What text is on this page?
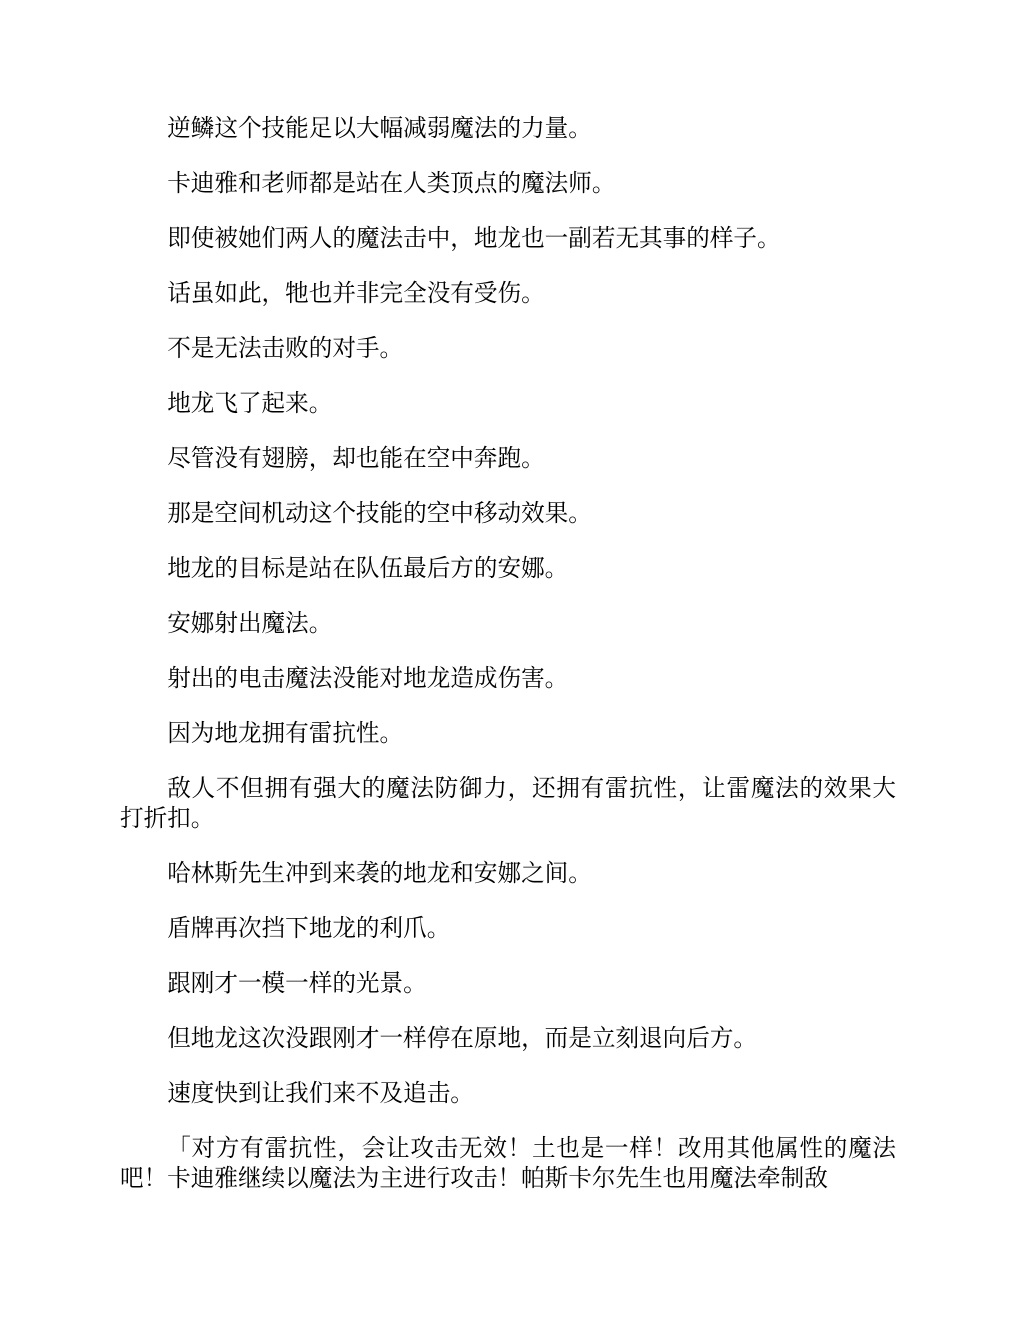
逆鳞这个技能足以大幅减弱魔法的力量。

卡迪雅和老师都是站在人类顶点的魔法师。

即使被她们两人的魔法击中，地龙也一副若无其事的样子。

话虽如此，牠也并非完全没有受伤。

不是无法击败的对手。

地龙飞了起来。

尽管没有翅膀，却也能在空中奔跑。

那是空间机动这个技能的空中移动效果。

地龙的目标是站在队伍最后方的安娜。

安娜射出魔法。

射出的电击魔法没能对地龙造成伤害。

因为地龙拥有雷抗性。

敌人不但拥有强大的魔法防御力，还拥有雷抗性，让雷魔法的效果大打折扣。

哈林斯先生冲到来袭的地龙和安娜之间。

盾牌再次挡下地龙的利爪。

跟刚才一模一样的光景。

但地龙这次没跟刚才一样停在原地，而是立刻退向后方。

速度快到让我们来不及追击。

「对方有雷抗性，会让攻击无效！土也是一样！改用其他属性的魔法吧！卡迪雅继续以魔法为主进行攻击！帕斯卡尔先生也用魔法牵制敌
